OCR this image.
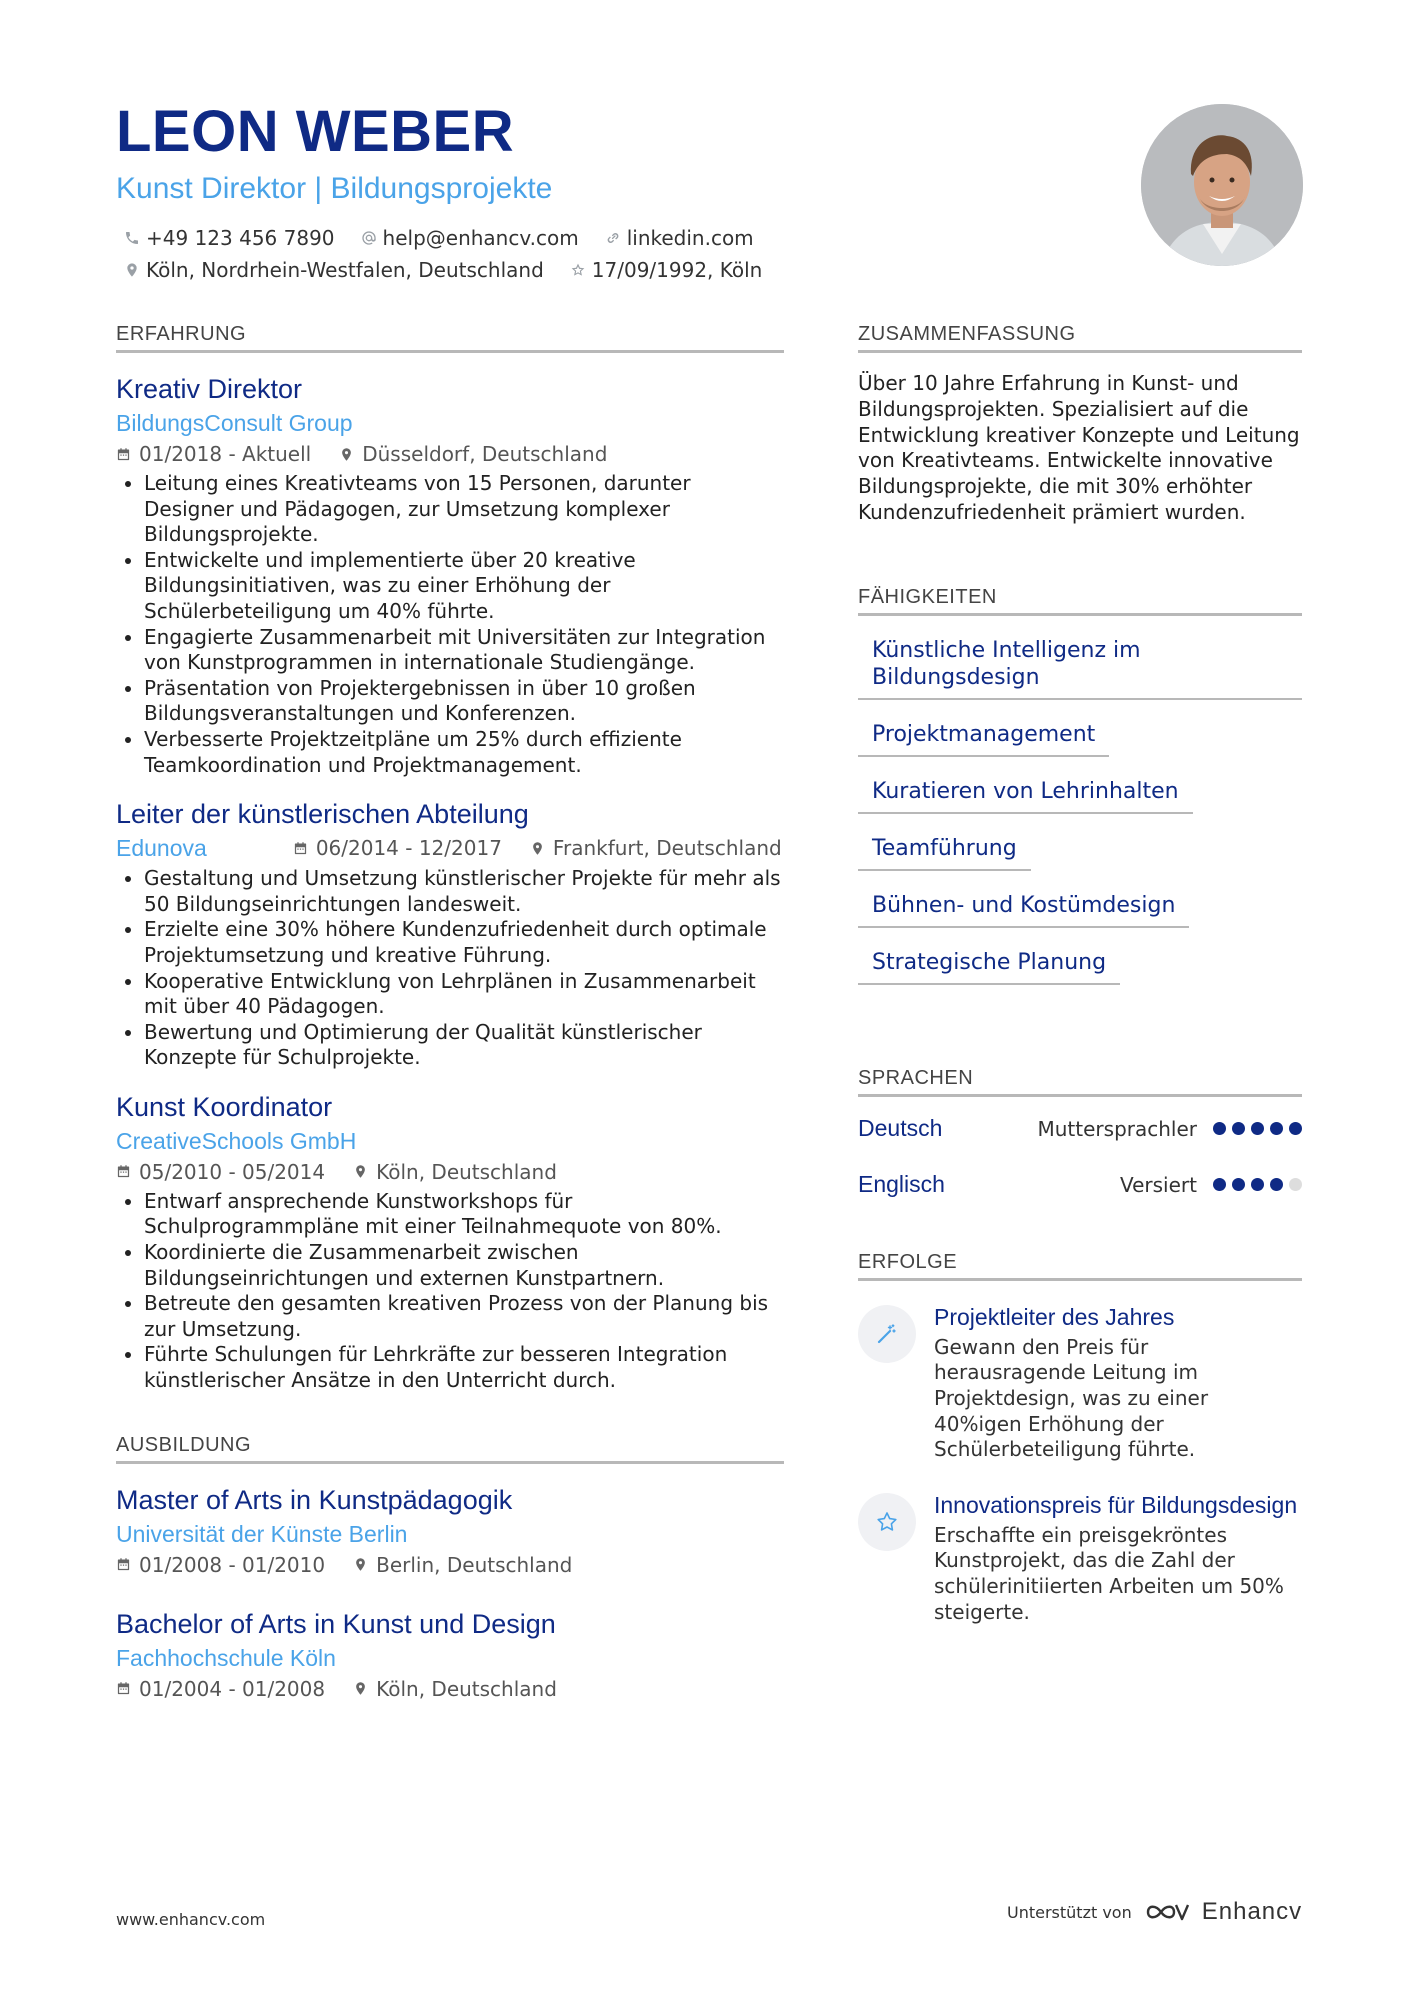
LEON WEBER
Kunst Direktor | Bildungsprojekte
+49 123 456 7890 help@enhancv.com linkedin.com
Köln, Nordrhein-Westfalen, Deutschland 17/09/1992, Köln
ERFAHRUNG
Kreativ Direktor
BildungsConsult Group
01/2018 - Aktuell	Düsseldorf, Deutschland
• Leitung eines Kreativteams von 15 Personen, darunter Designer und Pädagogen, zur Umsetzung komplexer Bildungsprojekte.
• Entwickelte und implementierte über 20 kreative Bildungsinitiativen, was zu einer Erhöhung der Schülerbeteiligung um 40% führte.
• Engagierte Zusammenarbeit mit Universitäten zur Integration von Kunstprogrammen in internationale Studiengänge.
• Präsentation von Projektergebnissen in über 10 großen Bildungsveranstaltungen und Konferenzen.
• Verbesserte Projektzeitpläne um 25% durch effiziente Teamkoordination und Projektmanagement.
Leiter der künstlerischen Abteilung
Edunova	06/2014 - 12/2017	Frankfurt, Deutschland
• Gestaltung und Umsetzung künstlerischer Projekte für mehr als 50 Bildungseinrichtungen landesweit.
• Erzielte eine 30% höhere Kundenzufriedenheit durch optimale Projektumsetzung und kreative Führung.
• Kooperative Entwicklung von Lehrplänen in Zusammenarbeit mit über 40 Pädagogen.
• Bewertung und Optimierung der Qualität künstlerischer Konzepte für Schulprojekte.
Kunst Koordinator
CreativeSchools GmbH
05/2010 - 05/2014	Köln, Deutschland
• Entwarf ansprechende Kunstworkshops für Schulprogrammpläne mit einer Teilnahmequote von 80%.
• Koordinierte die Zusammenarbeit zwischen Bildungseinrichtungen und externen Kunstpartnern.
• Betreute den gesamten kreativen Prozess von der Planung bis zur Umsetzung.
• Führte Schulungen für Lehrkräfte zur besseren Integration künstlerischer Ansätze in den Unterricht durch.
AUSBILDUNG
Master of Arts in Kunstpädagogik
Universität der Künste Berlin
01/2008 - 01/2010	Berlin, Deutschland
Bachelor of Arts in Kunst und Design
Fachhochschule Köln
01/2004 - 01/2008	Köln, Deutschland
ZUSAMMENFASSUNG
Über 10 Jahre Erfahrung in Kunst- und Bildungsprojekten. Spezialisiert auf die Entwicklung kreativer Konzepte und Leitung von Kreativteams. Entwickelte innovative Bildungsprojekte, die mit 30% erhöhter Kundenzufriedenheit prämiert wurden.
FÄHIGKEITEN
Künstliche Intelligenz im Bildungsdesign
Projektmanagement
Kuratieren von Lehrinhalten
Teamführung
Bühnen- und Kostümdesign
Strategische Planung
SPRACHEN
Deutsch	Muttersprachler
Englisch	Versiert
ERFOLGE
Projektleiter des Jahres
Gewann den Preis für herausragende Leitung im Projektdesign, was zu einer 40%igen Erhöhung der Schülerbeteiligung führte.
Innovationspreis für Bildungsdesign
Erschaffte ein preisgekröntes Kunstprojekt, das die Zahl der schülerinitiierten Arbeiten um 50% steigerte.
www.enhancv.com	Unterstützt von	Enhancv
